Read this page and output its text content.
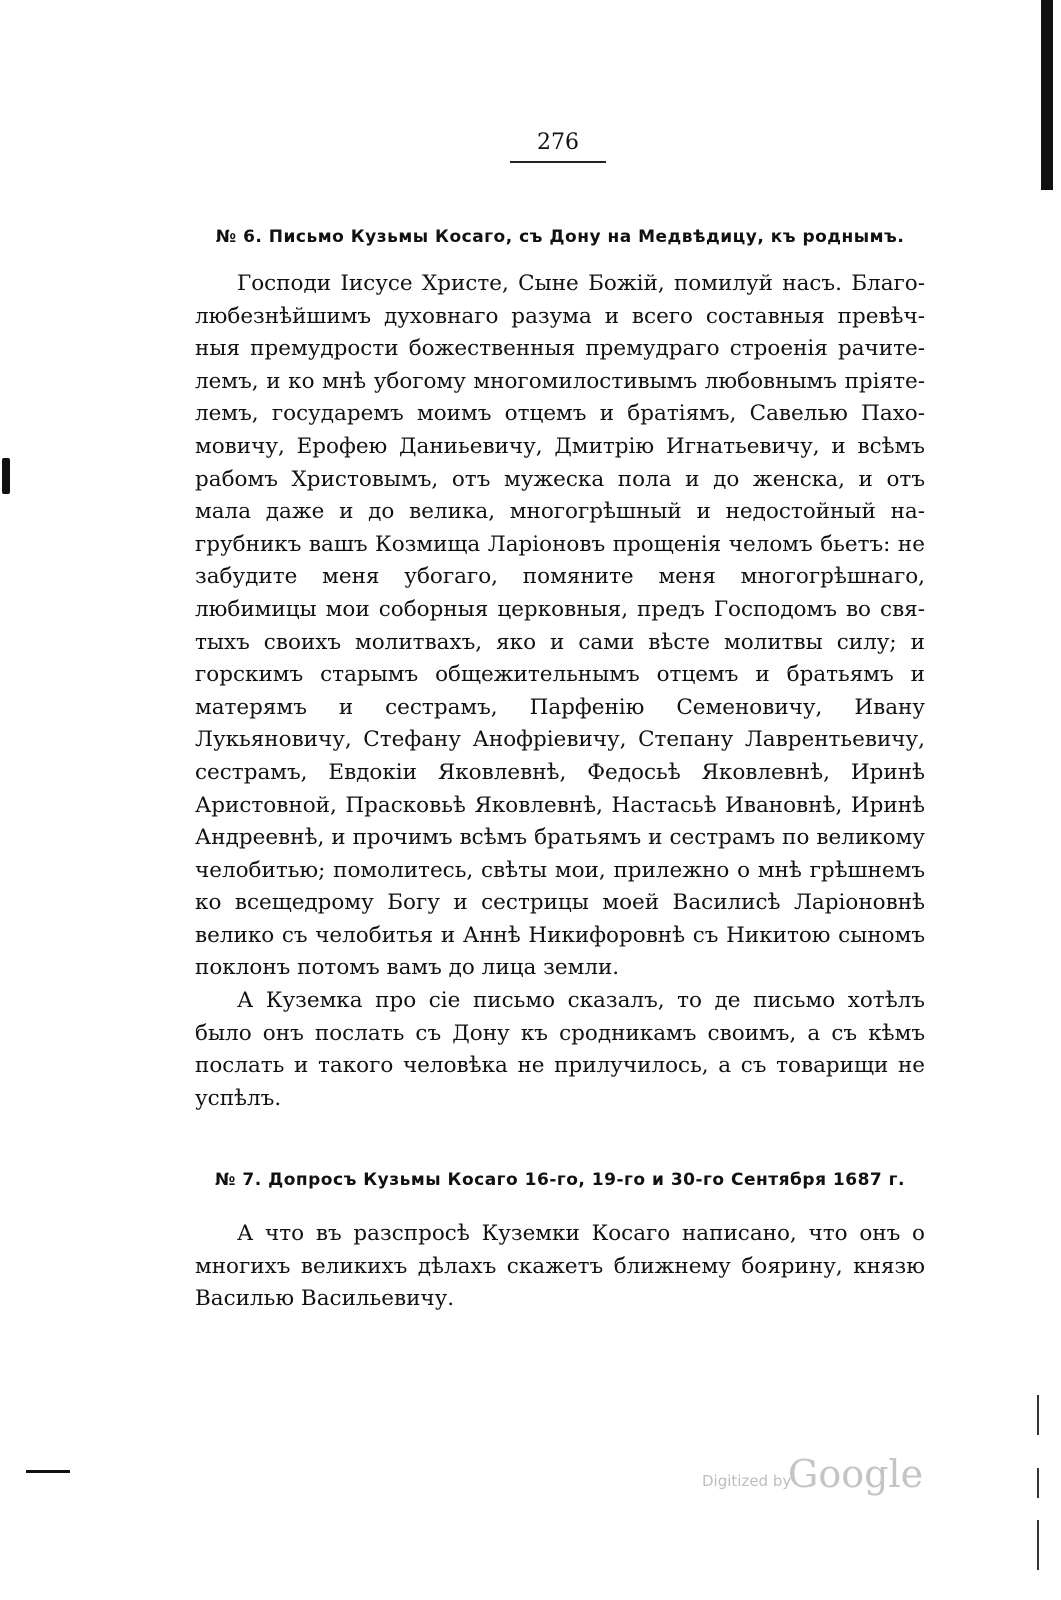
276
№ 6. Письмо Кузьмы Косаго, съ Дону на Медвѣдицу, къ роднымъ.

Господи Іисусе Христе, Сыне Божій, помилуй насъ. Благолюбезнѣйшимъ духовнаго разума и всего составныя превѣчныя премудрости божественныя премудраго строенія рачителемъ, и ко мнѣ убогому многомилостивымъ любовнымъ пріятелемъ, государемъ моимъ отцемъ и братіямъ, Савелью Пахомовичу, Ерофею Даниьевичу, Дмитрію Игнатьевичу, и всѣмъ рабомъ Христовымъ, отъ мужеска пола и до женска, и отъ мала даже и до велика, многогрѣшный и недостойный нагрубникъ вашъ Козмища Ларіоновъ прощенія челомъ бьетъ: не забудите меня убогаго, помяните меня многогрѣшнаго, любимицы мои соборныя церковныя, предъ Господомъ во святыхъ своихъ молитвахъ, яко и сами вѣсте молитвы силу; и горскимъ старымъ общежительнымъ отцемъ и братьямъ и матерямъ и сестрамъ, Парфенію Семеновичу, Ивану Лукьяновичу, Стефану Анофріевичу, Степану Лаврентьевичу, сестрамъ, Евдокіи Яковлевнѣ, Федосьѣ Яковлевнѣ, Иринѣ Аристовной, Прасковьѣ Яковлевнѣ, Настасьѣ Ивановнѣ, Иринѣ Андреевнѣ, и прочимъ всѣмъ братьямъ и сестрамъ по великому челобитью; помолитесь, свѣты мои, прилежно о мнѣ грѣшнемъ ко всещедрому Богу и сестрицы моей Василисѣ Ларіоновнѣ велико съ челобитья и Аннѣ Никифоровнѣ съ Никитою сыномъ поклонъ потомъ вамъ до лица земли.

А Куземка про сіе письмо сказалъ, то де письмо хотѣлъ было онъ послать съ Дону къ сродникамъ своимъ, а съ кѣмъ послать и такого человѣка не прилучилось, а съ товарищи не успѣлъ.

№ 7. Допросъ Кузьмы Косаго 16-го, 19-го и 30-го Сентября 1687 г.

А что въ разспросѣ Куземки Косаго написано, что онъ о многихъ великихъ дѣлахъ скажетъ ближнему боярину, князю Василью Васильевичу.

Digitized by
Google
